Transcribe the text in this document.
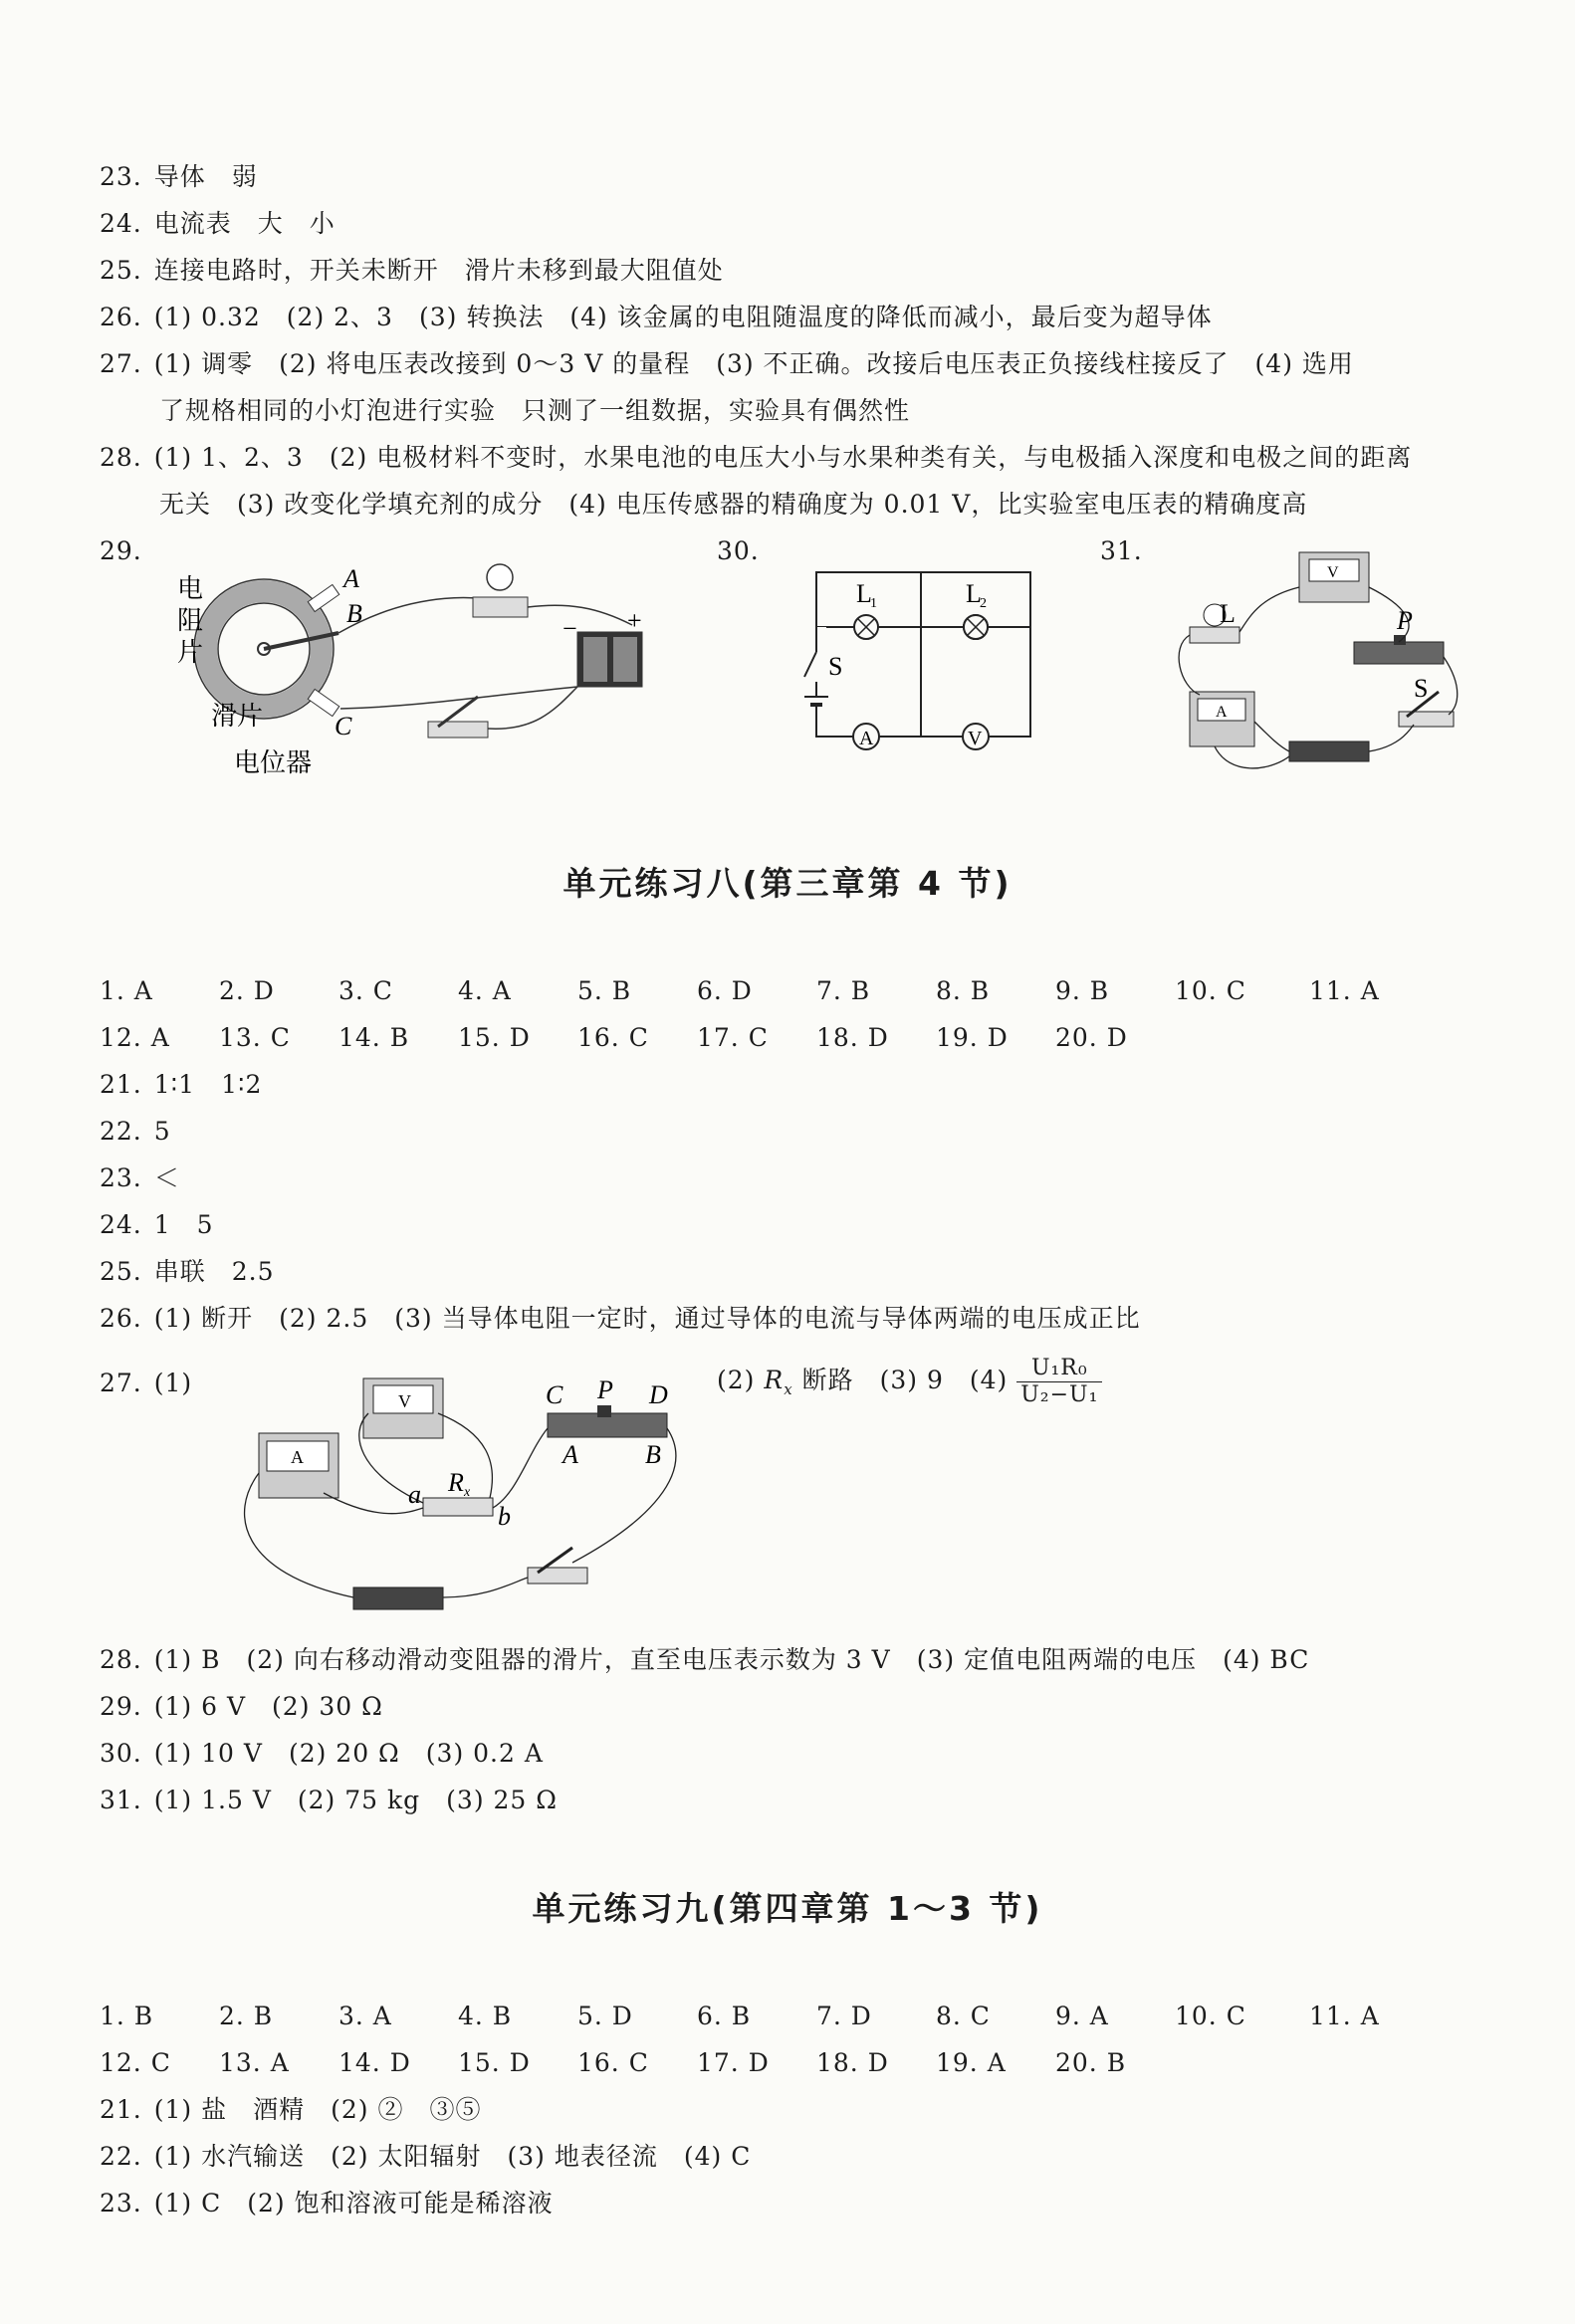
23. 导体　弱
24. 电流表　大　小
25. 连接电路时，开关未断开　滑片未移到最大阻值处
26. (1) 0.32　(2) 2、3　(3) 转换法　(4) 该金属的电阻随温度的降低而减小，最后变为超导体
27. (1) 调零　(2) 将电压表改接到 0～3 V 的量程　(3) 不正确。改接后电压表正负接线柱接反了　(4) 选用
了规格相同的小灯泡进行实验　只测了一组数据，实验具有偶然性
28. (1) 1、2、3　(2) 电极材料不变时，水果电池的电压大小与水果种类有关，与电极插入深度和电极之间的距离
无关　(3) 改变化学填充剂的成分　(4) 电压传感器的精确度为 0.01 V，比实验室电压表的精确度高
29.	30.	31.
电
阻
片
A
B
C
滑片
电位器
− +
L
1	L
2
S
A	V
L	P
S
V
A
单元练习八(第三章第 4 节)
1. A	2. D	3. C	4. A	5. B	6. D	7. B	8. B	9. B	10. C	11. A
12. A 13. C 14. B 15. D 16. C 17. C 18. D 19. D 20. D
21. 1∶1　1∶2
22. 5
23. ＜
24. 1　5
25. 串联　2.5
26. (1) 断开　(2) 2.5　(3) 当导体电阻一定时，通过导体的电流与导体两端的电压成正比
27. (1)	(2) $R_x$ 断路　(3) 9　$(4) \frac{\text{U₁R₀}}{\text{U₂−U₁}}$
C P D
A	B
R x
a
b
V
A
28. (1) B　(2) 向右移动滑动变阻器的滑片，直至电压表示数为 3 V　(3) 定值电阻两端的电压　(4) BC
29. (1) 6 V　(2) 30 Ω
30. (1) 10 V　(2) 20 Ω　(3) 0.2 A
31. (1) 1.5 V　(2) 75 kg　(3) 25 Ω
单元练习九(第四章第 1～3 节)
1. B	2. B	3. A	4. B	5. D	6. B	7. D	8. C	9. A	10. C	11. A
12. C 13. A 14. D 15. D 16. C 17. D 18. D 19. A 20. B
21. (1) 盐　酒精　(2) ②　③⑤
22. (1) 水汽输送　(2) 太阳辐射　(3) 地表径流　(4) C
23. (1) C　(2) 饱和溶液可能是稀溶液
